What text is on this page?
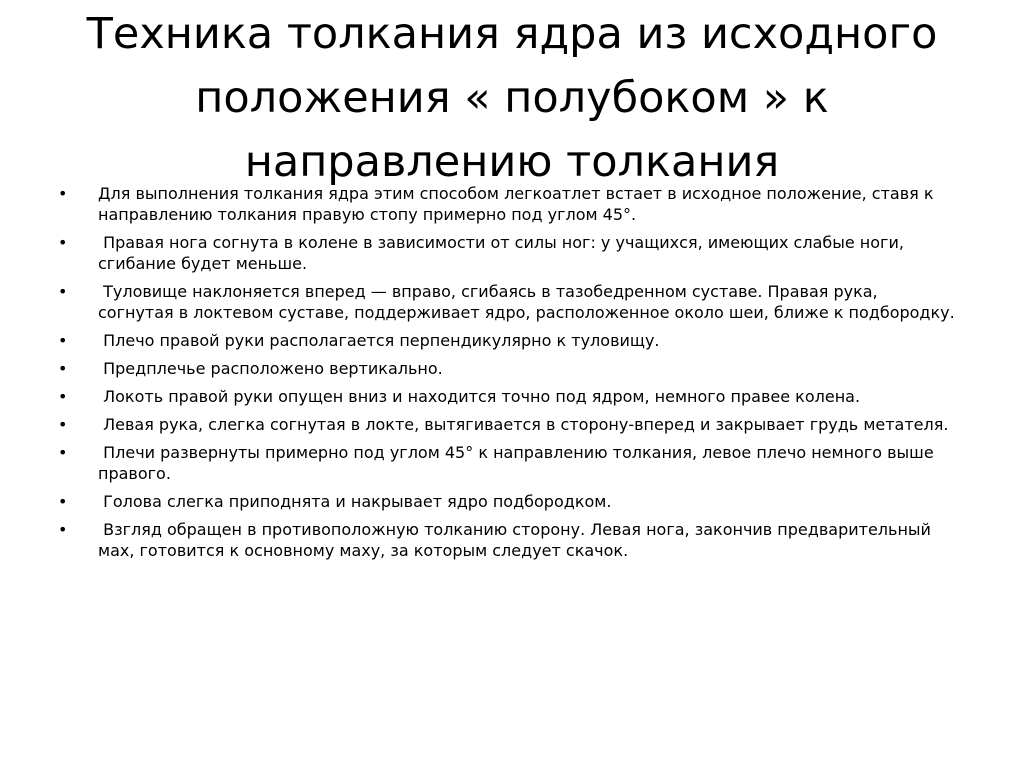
Техника толкания ядра из исходного положения « полубоком » к направлению толкания
•	Для выполнения толкания ядра этим способом легкоатлет встает в исходное положение, ставя к направлению толкания правую стопу примерно под углом 45°.
•	Правая нога согнута в колене в зависимости от силы ног: у учащихся, имеющих слабые ноги, сгибание будет меньше.
•	Туловище наклоняется вперед — вправо, сгибаясь в тазобедренном суставе. Правая рука, согнутая в локтевом суставе, поддерживает ядро, расположенное около шеи, ближе к подбородку.
•	Плечо правой руки располагается перпендикулярно к туловищу.
•	Предплечье расположено вертикально.
•	Локоть правой руки опущен вниз и находится точно под ядром, немного правее колена.
•	Левая рука, слегка согнутая в локте, вытягивается в сторону-вперед и закрывает грудь метателя.
•	Плечи развернуты примерно под углом 45° к направлению толкания, левое плечо немного выше правого.
•	Голова слегка приподнята и накрывает ядро подбородком.
•	Взгляд обращен в противоположную толканию сторону. Левая нога, закончив предварительный мах, готовится к основному маху, за которым следует скачок.
